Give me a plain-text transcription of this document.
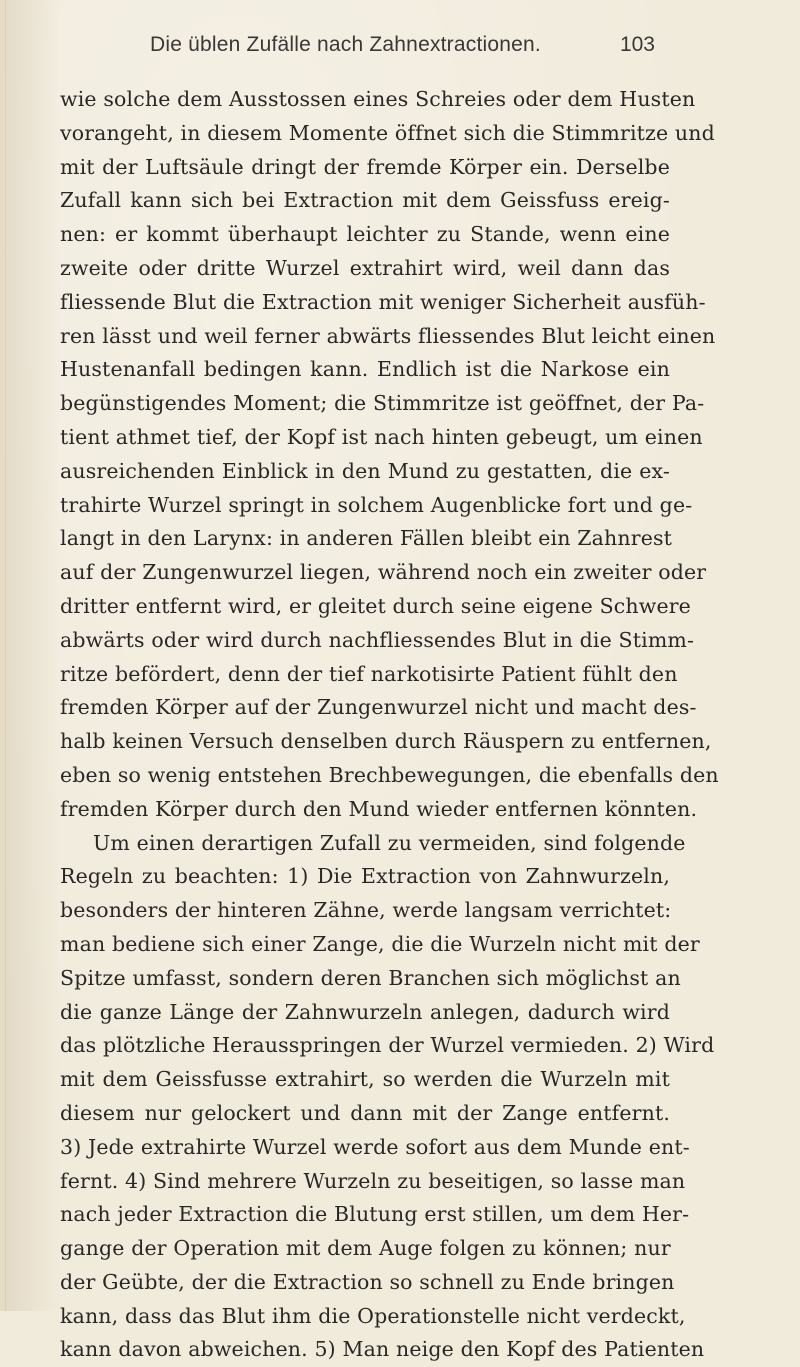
Die üblen Zufälle nach Zahnextractionen.	103
wie solche dem Ausstossen eines Schreies oder dem Husten
vorangeht, in diesem Momente öffnet sich die Stimmritze und
mit der Luftsäule dringt der fremde Körper ein. Derselbe
Zufall kann sich bei Extraction mit dem Geissfuss ereig-
nen: er kommt überhaupt leichter zu Stande, wenn eine
zweite oder dritte Wurzel extrahirt wird, weil dann das
fliessende Blut die Extraction mit weniger Sicherheit ausfüh-
ren lässt und weil ferner abwärts fliessendes Blut leicht einen
Hustenanfall bedingen kann. Endlich ist die Narkose ein
begünstigendes Moment; die Stimmritze ist geöffnet, der Pa-
tient athmet tief, der Kopf ist nach hinten gebeugt, um einen
ausreichenden Einblick in den Mund zu gestatten, die ex-
trahirte Wurzel springt in solchem Augenblicke fort und ge-
langt in den Larynx: in anderen Fällen bleibt ein Zahnrest
auf der Zungenwurzel liegen, während noch ein zweiter oder
dritter entfernt wird, er gleitet durch seine eigene Schwere
abwärts oder wird durch nachfliessendes Blut in die Stimm-
ritze befördert, denn der tief narkotisirte Patient fühlt den
fremden Körper auf der Zungenwurzel nicht und macht des-
halb keinen Versuch denselben durch Räuspern zu entfernen,
eben so wenig entstehen Brechbewegungen, die ebenfalls den
fremden Körper durch den Mund wieder entfernen könnten.
Um einen derartigen Zufall zu vermeiden, sind folgende
Regeln zu beachten: 1) Die Extraction von Zahnwurzeln,
besonders der hinteren Zähne, werde langsam verrichtet:
man bediene sich einer Zange, die die Wurzeln nicht mit der
Spitze umfasst, sondern deren Branchen sich möglichst an
die ganze Länge der Zahnwurzeln anlegen, dadurch wird
das plötzliche Herausspringen der Wurzel vermieden. 2) Wird
mit dem Geissfusse extrahirt, so werden die Wurzeln mit
diesem nur gelockert und dann mit der Zange entfernt.
3) Jede extrahirte Wurzel werde sofort aus dem Munde ent-
fernt. 4) Sind mehrere Wurzeln zu beseitigen, so lasse man
nach jeder Extraction die Blutung erst stillen, um dem Her-
gange der Operation mit dem Auge folgen zu können; nur
der Geübte, der die Extraction so schnell zu Ende bringen
kann, dass das Blut ihm die Operationstelle nicht verdeckt,
kann davon abweichen. 5) Man neige den Kopf des Patienten
